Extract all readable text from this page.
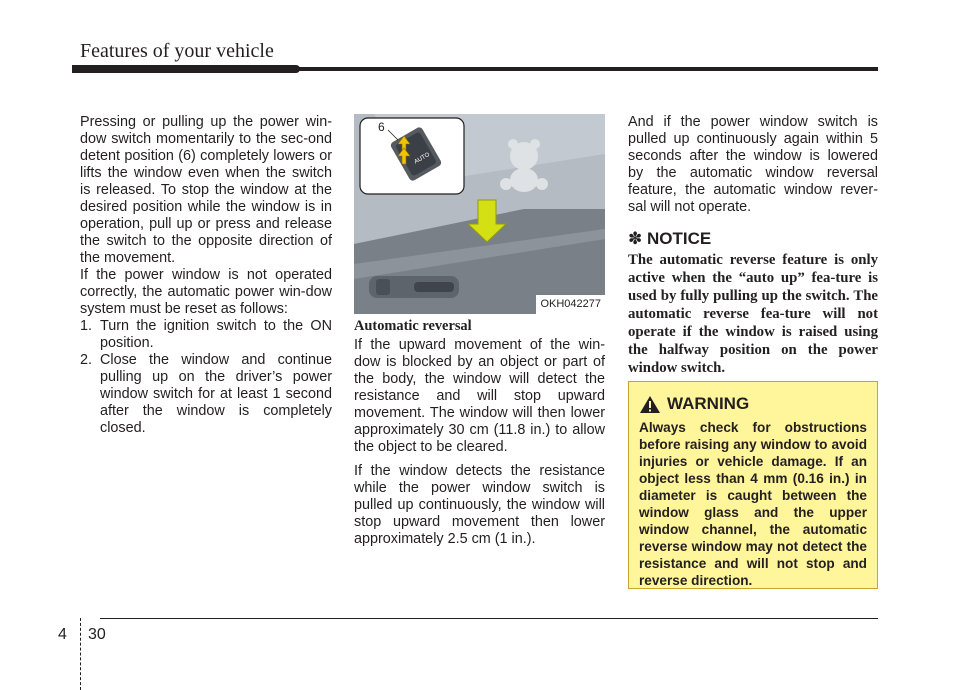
Features of your vehicle

Pressing or pulling up the power win-dow switch momentarily to the sec-ond detent position (6) completely lowers or lifts the window even when the switch is released. To stop the window at the desired position while the window is in operation, pull up or press and release the switch to the opposite direction of the movement.

If the power window is not operated correctly, the automatic power win-dow system must be reset as follows:

1. Turn the ignition switch to the ON position.
2. Close the window and continue pulling up on the driver’s power window switch for at least 1 second after the window is completely closed.
6
AUTO
OKH042277
Automatic reversal

If the upward movement of the win-dow is blocked by an object or part of the body, the window will detect the resistance and will stop upward movement. The window will then lower approximately 30 cm (11.8 in.) to allow the object to be cleared.

If the window detects the resistance while the power window switch is pulled up continuously, the window will stop upward movement then lower approximately 2.5 cm (1 in.).

And if the power window switch is pulled up continuously again within 5 seconds after the window is lowered by the automatic window reversal feature, the automatic window rever-sal will not operate.

✽ NOTICE

The automatic reverse feature is only active when the “auto up” fea-ture is used by fully pulling up the switch. The automatic reverse fea-ture will not operate if the window is raised using the halfway position on the power window switch.

WARNING

Always check for obstructions before raising any window to avoid injuries or vehicle damage. If an object less than 4 mm (0.16 in.) in diameter is caught between the window glass and the upper window channel, the automatic reverse window may not detect the resistance and will not stop and reverse direction.

4 30
